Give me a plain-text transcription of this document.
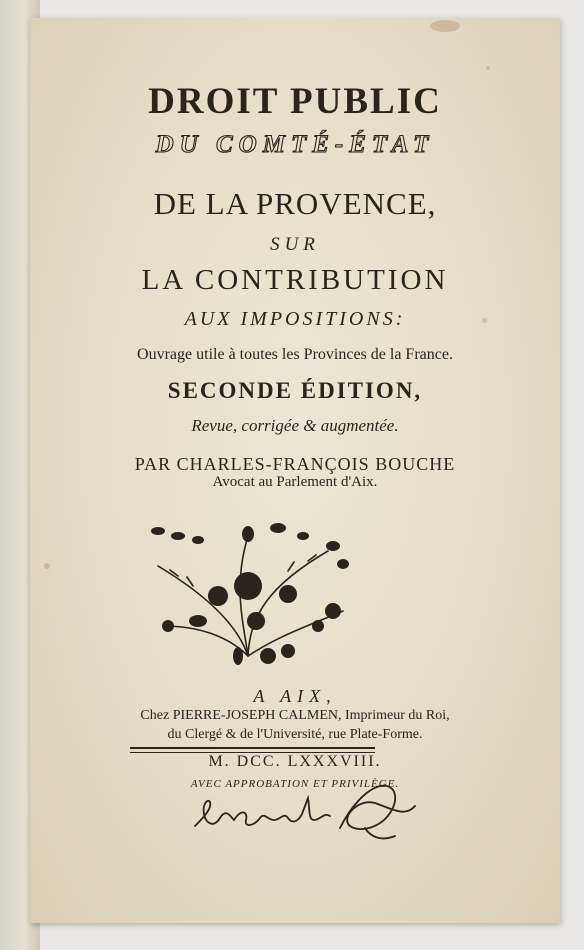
DROIT PUBLIC
DU COMTÉ-ÉTAT
DE LA PROVENCE,
SUR
LA CONTRIBUTION
AUX IMPOSITIONS:
Ouvrage utile à toutes les Provinces de la France.
SECONDE ÉDITION,
Revue, corrigée & augmentée.
PAR CHARLES-FRANÇOIS BOUCHE
Avocat au Parlement d'Aix.
A AIX,
Chez PIERRE-JOSEPH CALMEN, Imprimeur du Roi,
du Clergé & de l'Université, rue Plate-Forme.
M. DCC. LXXXVIII.
AVEC APPROBATION ET PRIVILÈGE.
